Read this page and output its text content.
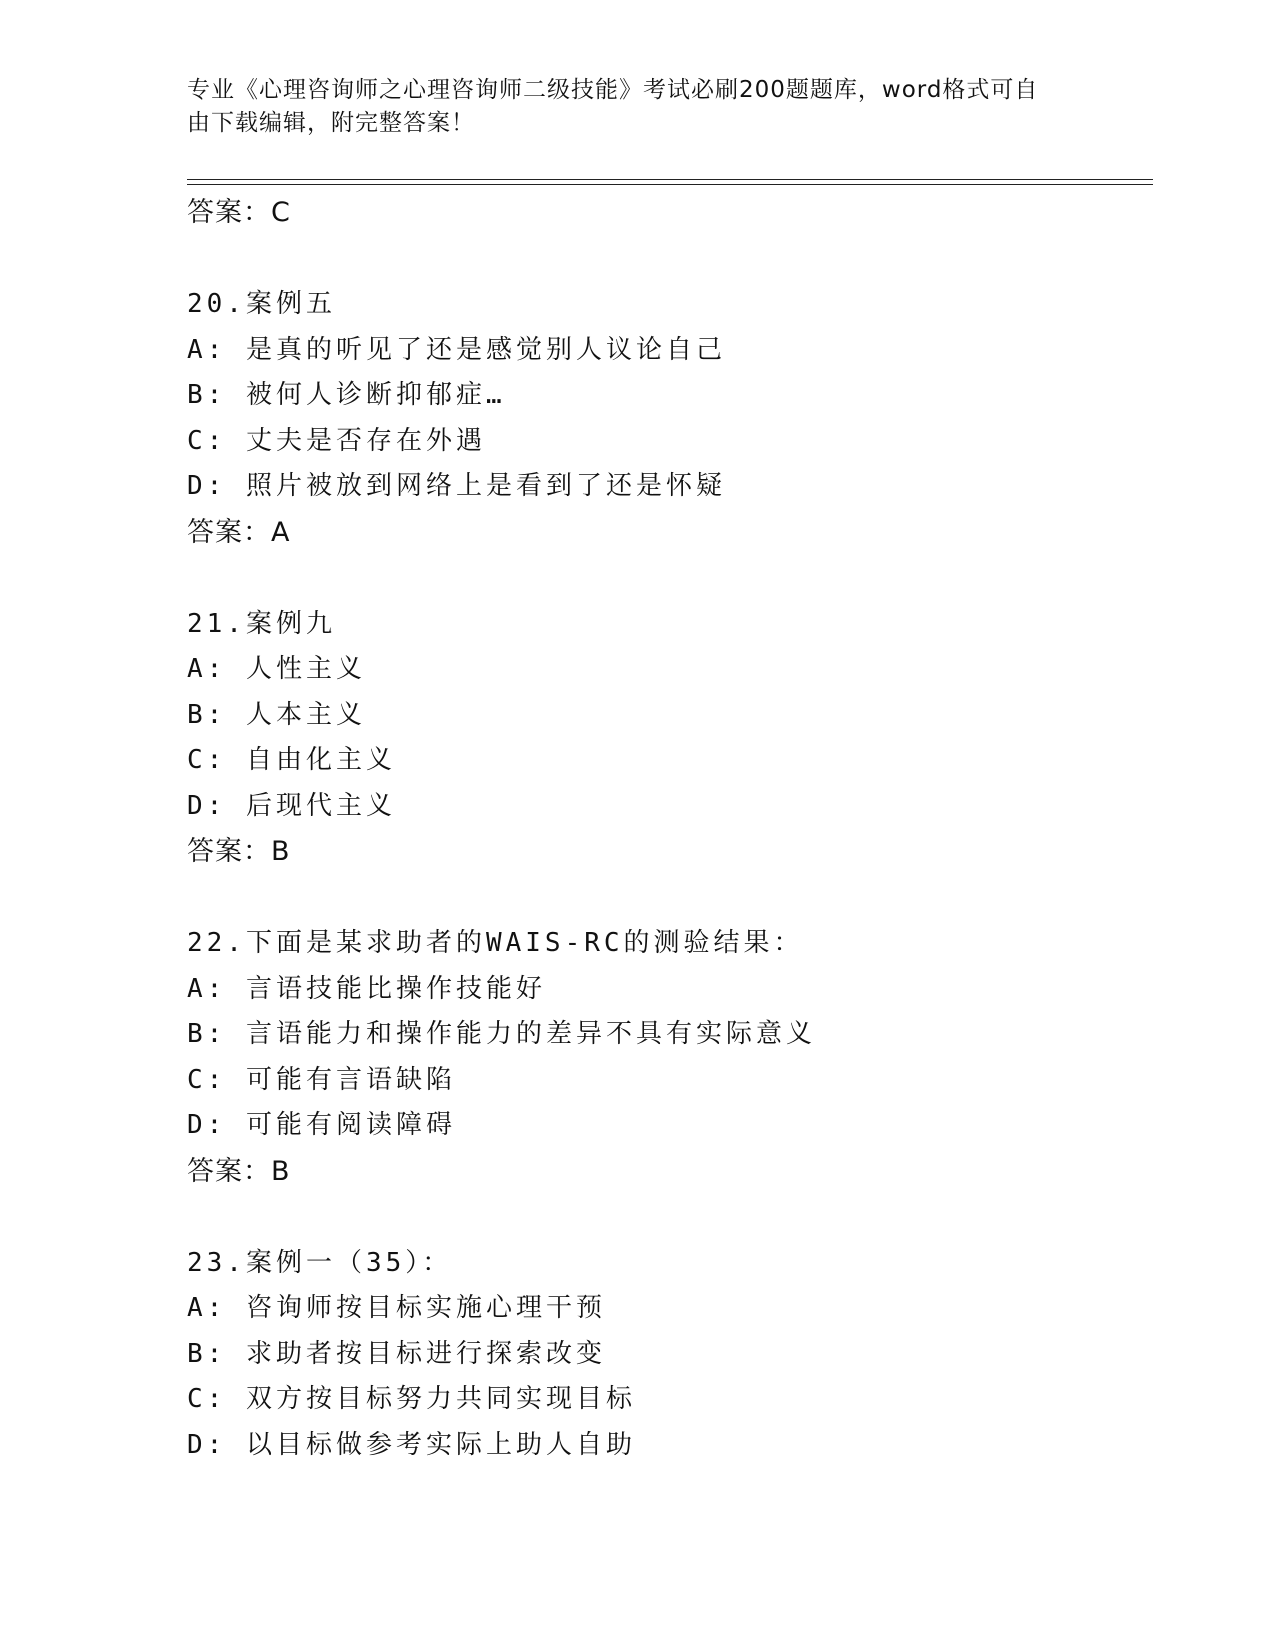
专业《心理咨询师之心理咨询师二级技能》考试必刷200题题库，word格式可自
由下载编辑，附完整答案！
答案：C
20.案例五
A: 是真的听见了还是感觉别人议论自己
B: 被何人诊断抑郁症…
C: 丈夫是否存在外遇
D: 照片被放到网络上是看到了还是怀疑
答案：A
21.案例九
A: 人性主义
B: 人本主义
C: 自由化主义
D: 后现代主义
答案：B
22.下面是某求助者的WAIS-RC的测验结果：
A: 言语技能比操作技能好
B: 言语能力和操作能力的差异不具有实际意义
C: 可能有言语缺陷
D: 可能有阅读障碍
答案：B
23.案例一（35）：
A: 咨询师按目标实施心理干预
B: 求助者按目标进行探索改变
C: 双方按目标努力共同实现目标
D: 以目标做参考实际上助人自助
